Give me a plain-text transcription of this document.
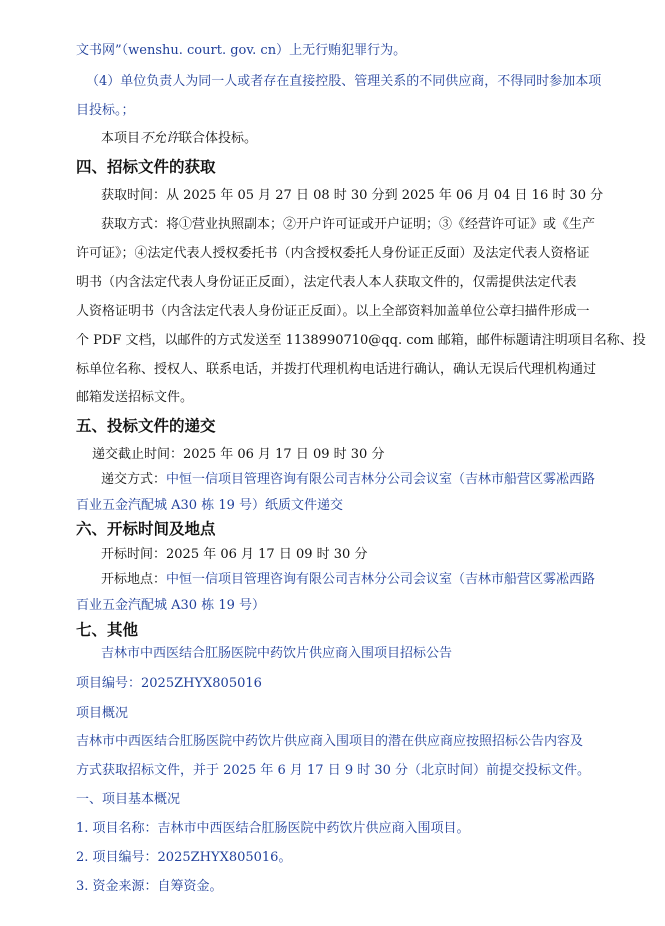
文书网”（wenshu. court. gov. cn）上无行贿犯罪行为。
（4）单位负责人为同一人或者存在直接控股、管理关系的不同供应商，不得同时参加本项
目投标。；
本项目不允许联合体投标。
四、招标文件的获取
获取时间：从 2025 年 05 月 27 日 08 时 30 分到 2025 年 06 月 04 日 16 时 30 分
获取方式：将①营业执照副本；②开户许可证或开户证明；③《经营许可证》或《生产
许可证》；④法定代表人授权委托书（内含授权委托人身份证正反面）及法定代表人资格证
明书（内含法定代表人身份证正反面），法定代表人本人获取文件的，仅需提供法定代表
人资格证明书（内含法定代表人身份证正反面）。以上全部资料加盖单位公章扫描件形成一
个 PDF 文档，以邮件的方式发送至 1138990710@qq. com 邮箱，邮件标题请注明项目名称、投
标单位名称、授权人、联系电话，并拨打代理机构电话进行确认，确认无误后代理机构通过
邮箱发送招标文件。
五、投标文件的递交
递交截止时间：2025 年 06 月 17 日 09 时 30 分
递交方式：中恒一信项目管理咨询有限公司吉林分公司会议室（吉林市船营区雾凇西路
百业五金汽配城 A30 栋 19 号）纸质文件递交
六、开标时间及地点
开标时间：2025 年 06 月 17 日 09 时 30 分
开标地点：中恒一信项目管理咨询有限公司吉林分公司会议室（吉林市船营区雾凇西路
百业五金汽配城 A30 栋 19 号）
七、其他
吉林市中西医结合肛肠医院中药饮片供应商入围项目招标公告
项目编号：2025ZHYX805016
项目概况
吉林市中西医结合肛肠医院中药饮片供应商入围项目的潜在供应商应按照招标公告内容及
方式获取招标文件，并于 2025 年 6 月 17 日 9 时 30 分（北京时间）前提交投标文件。
一、项目基本概况
1. 项目名称：吉林市中西医结合肛肠医院中药饮片供应商入围项目。
2. 项目编号：2025ZHYX805016。
3. 资金来源：自筹资金。
